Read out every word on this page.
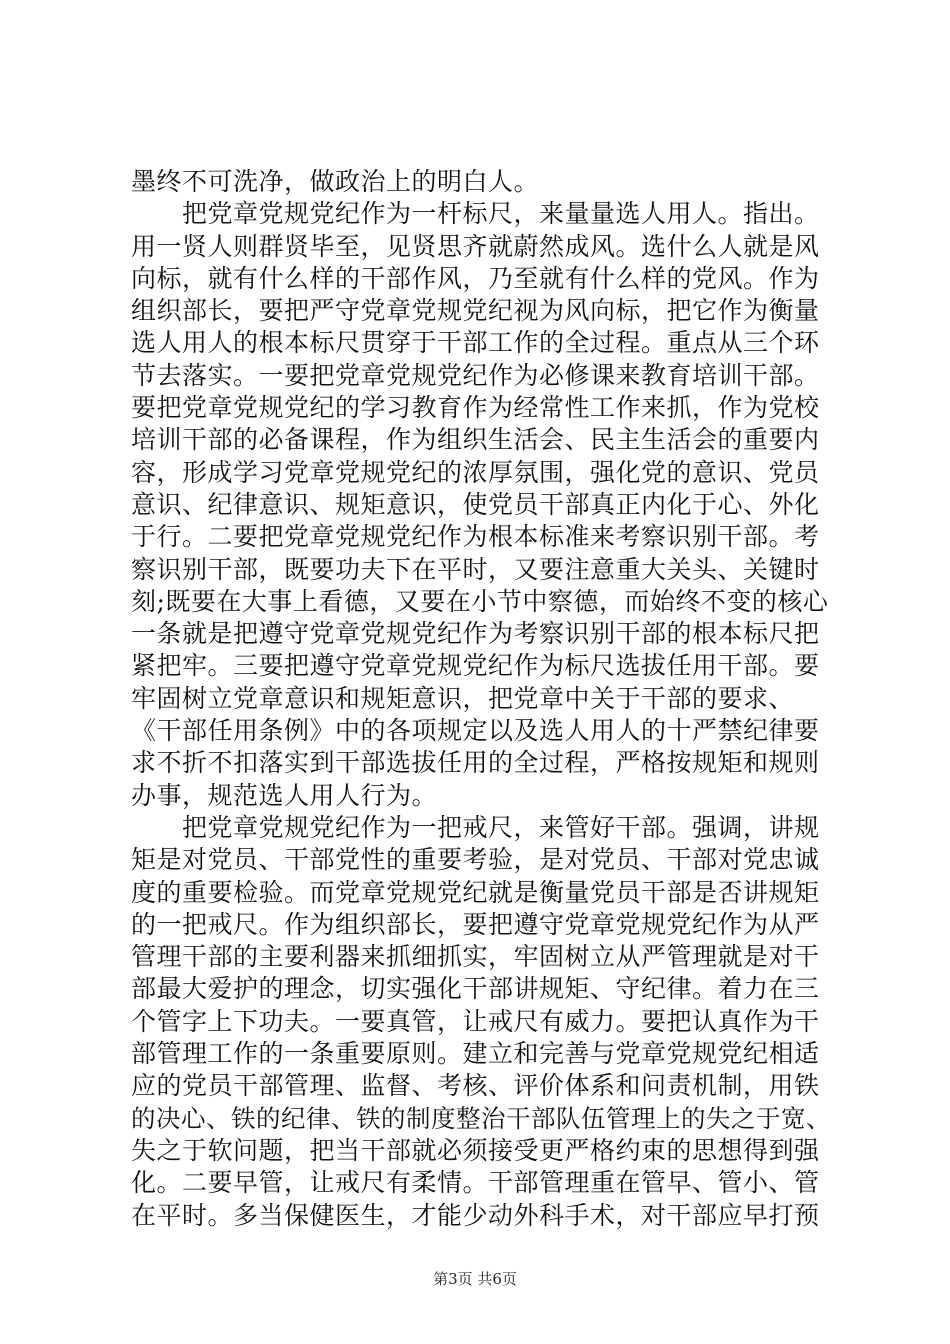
墨终不可洗净，做政治上的明白人。
　　把党章党规党纪作为一杆标尺，来量量选人用人。指出。
用一贤人则群贤毕至，见贤思齐就蔚然成风。选什么人就是风
向标，就有什么样的干部作风，乃至就有什么样的党风。作为
组织部长，要把严守党章党规党纪视为风向标，把它作为衡量
选人用人的根本标尺贯穿于干部工作的全过程。重点从三个环
节去落实。一要把党章党规党纪作为必修课来教育培训干部。
要把党章党规党纪的学习教育作为经常性工作来抓，作为党校
培训干部的必备课程，作为组织生活会、民主生活会的重要内
容，形成学习党章党规党纪的浓厚氛围，强化党的意识、党员
意识、纪律意识、规矩意识，使党员干部真正内化于心、外化
于行。二要把党章党规党纪作为根本标准来考察识别干部。考
察识别干部，既要功夫下在平时，又要注意重大关头、关键时
刻;既要在大事上看德，又要在小节中察德，而始终不变的核心
一条就是把遵守党章党规党纪作为考察识别干部的根本标尺把
紧把牢。三要把遵守党章党规党纪作为标尺选拔任用干部。要
牢固树立党章意识和规矩意识，把党章中关于干部的要求、
《干部任用条例》中的各项规定以及选人用人的十严禁纪律要
求不折不扣落实到干部选拔任用的全过程，严格按规矩和规则
办事，规范选人用人行为。
　　把党章党规党纪作为一把戒尺，来管好干部。强调，讲规
矩是对党员、干部党性的重要考验，是对党员、干部对党忠诚
度的重要检验。而党章党规党纪就是衡量党员干部是否讲规矩
的一把戒尺。作为组织部长，要把遵守党章党规党纪作为从严
管理干部的主要利器来抓细抓实，牢固树立从严管理就是对干
部最大爱护的理念，切实强化干部讲规矩、守纪律。着力在三
个管字上下功夫。一要真管，让戒尺有威力。要把认真作为干
部管理工作的一条重要原则。建立和完善与党章党规党纪相适
应的党员干部管理、监督、考核、评价体系和问责机制，用铁
的决心、铁的纪律、铁的制度整治干部队伍管理上的失之于宽、
失之于软问题，把当干部就必须接受更严格约束的思想得到强
化。二要早管，让戒尺有柔情。干部管理重在管早、管小、管
在平时。多当保健医生，才能少动外科手术，对干部应早打预
第3页 共6页
